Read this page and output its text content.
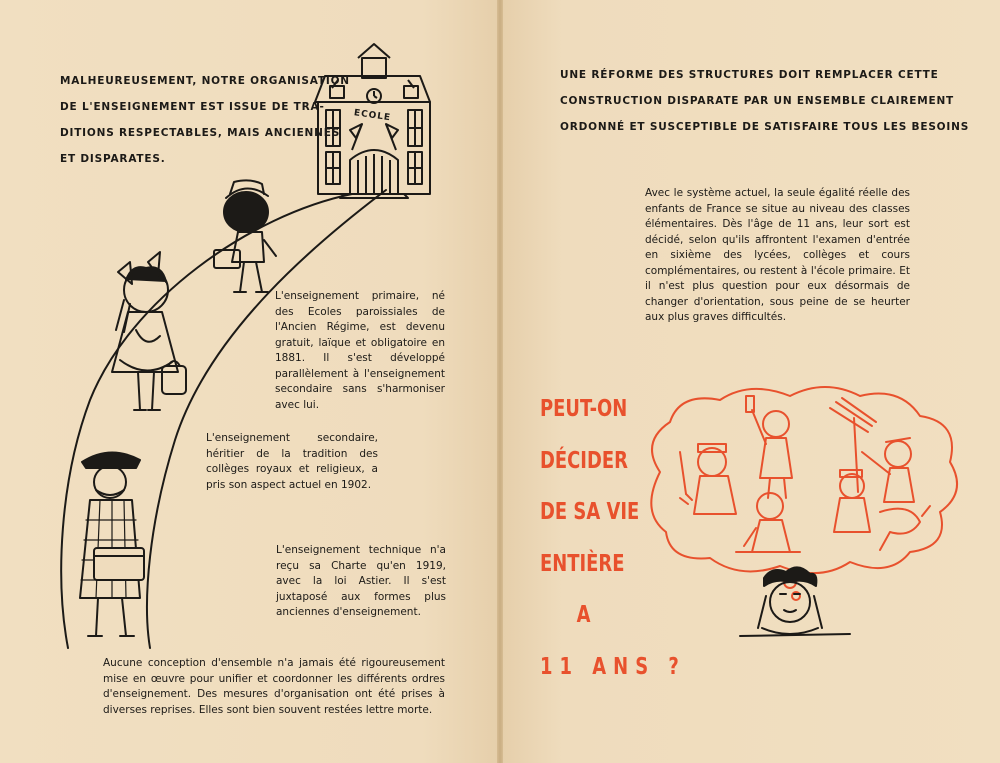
ECOLE

MALHEUREUSEMENT, NOTRE ORGANISATION
DE L'ENSEIGNEMENT EST ISSUE DE TRA-
DITIONS RESPECTABLES, MAIS ANCIENNES
ET DISPARATES.

L'enseignement primaire, né des Ecoles paroissiales de l'Ancien Régime, est devenu gratuit, laïque et obligatoire en 1881. Il s'est développé parallèlement à l'enseignement secondaire sans s'harmoniser avec lui.

L'enseignement secondaire, héritier de la tradition des collèges royaux et religieux, a pris son aspect actuel en 1902.

L'enseignement technique n'a reçu sa Charte qu'en 1919, avec la loi Astier. Il s'est juxtaposé aux formes plus anciennes d'enseignement.

Aucune conception d'ensemble n'a jamais été rigoureusement mise en œuvre pour unifier et coordonner les différents ordres d'enseignement. Des mesures d'organisation ont été prises à diverses reprises. Elles sont bien souvent restées lettre morte.

UNE RÉFORME DES STRUCTURES DOIT REMPLACER CETTE
CONSTRUCTION DISPARATE PAR UN ENSEMBLE CLAIREMENT
ORDONNÉ ET SUSCEPTIBLE DE SATISFAIRE TOUS LES BESOINS

Avec le système actuel, la seule égalité réelle des enfants de France se situe au niveau des classes élémentaires. Dès l'âge de 11 ans, leur sort est décidé, selon qu'ils affrontent l'examen d'entrée en sixième des lycées, collèges et cours complémentaires, ou restent à l'école primaire. Et il n'est plus question pour eux désormais de changer d'orientation, sous peine de se heurter aux plus graves difficultés.

PEUT-ON
DÉCIDER
DE SA VIE
ENTIÈRE
A
11 ANS ?
